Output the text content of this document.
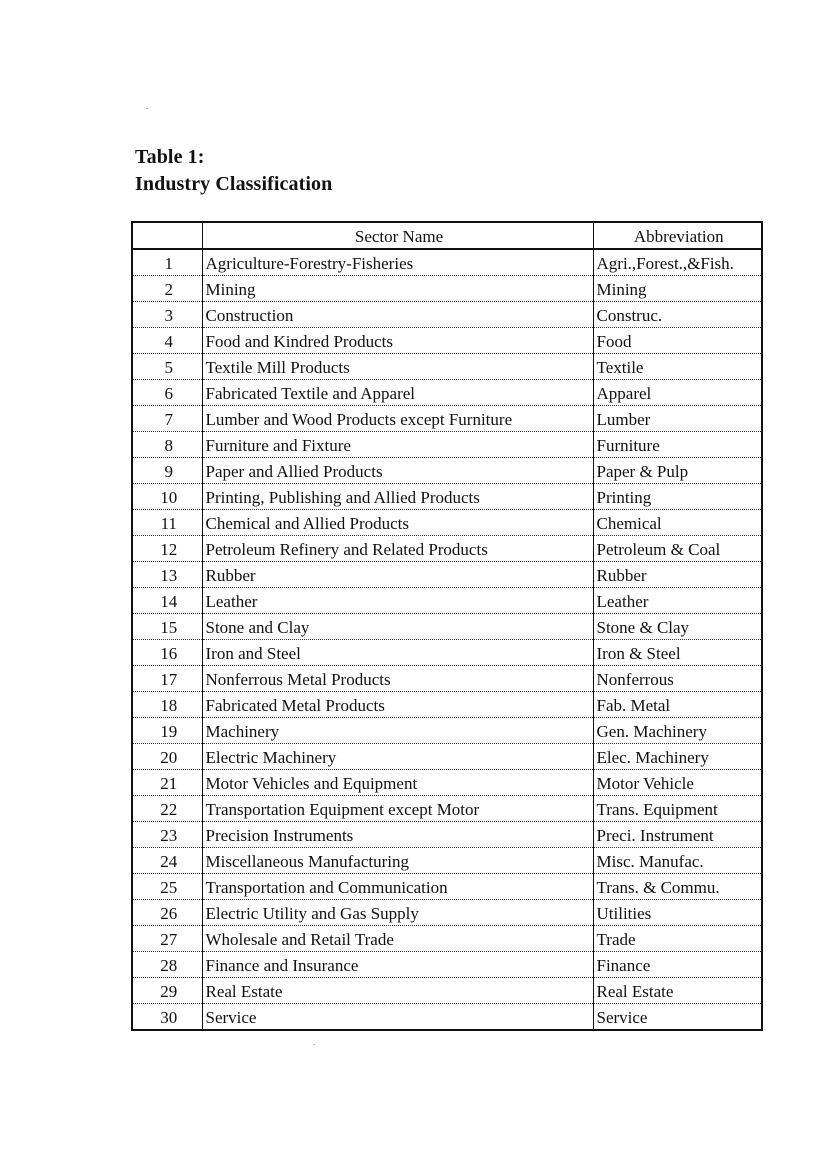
Table 1:
Industry Classification
	Sector Name	Abbreviation
1	Agriculture-Forestry-Fisheries	Agri.,Forest.,&Fish.
2	Mining	Mining
3	Construction	Construc.
4	Food and Kindred Products	Food
5	Textile Mill Products	Textile
6	Fabricated Textile and Apparel	Apparel
7	Lumber and Wood Products except Furniture	Lumber
8	Furniture and Fixture	Furniture
9	Paper and Allied Products	Paper & Pulp
10	Printing, Publishing and Allied Products	Printing
11	Chemical and Allied Products	Chemical
12	Petroleum Refinery and Related Products	Petroleum & Coal
13	Rubber	Rubber
14	Leather	Leather
15	Stone and Clay	Stone & Clay
16	Iron and Steel	Iron & Steel
17	Nonferrous Metal Products	Nonferrous
18	Fabricated Metal Products	Fab. Metal
19	Machinery	Gen. Machinery
20	Electric Machinery	Elec. Machinery
21	Motor Vehicles and Equipment	Motor Vehicle
22	Transportation Equipment except Motor	Trans. Equipment
23	Precision Instruments	Preci. Instrument
24	Miscellaneous Manufacturing	Misc. Manufac.
25	Transportation and Communication	Trans. & Commu.
26	Electric Utility and Gas Supply	Utilities
27	Wholesale and Retail Trade	Trade
28	Finance and Insurance	Finance
29	Real Estate	Real Estate
30	Service	Service
